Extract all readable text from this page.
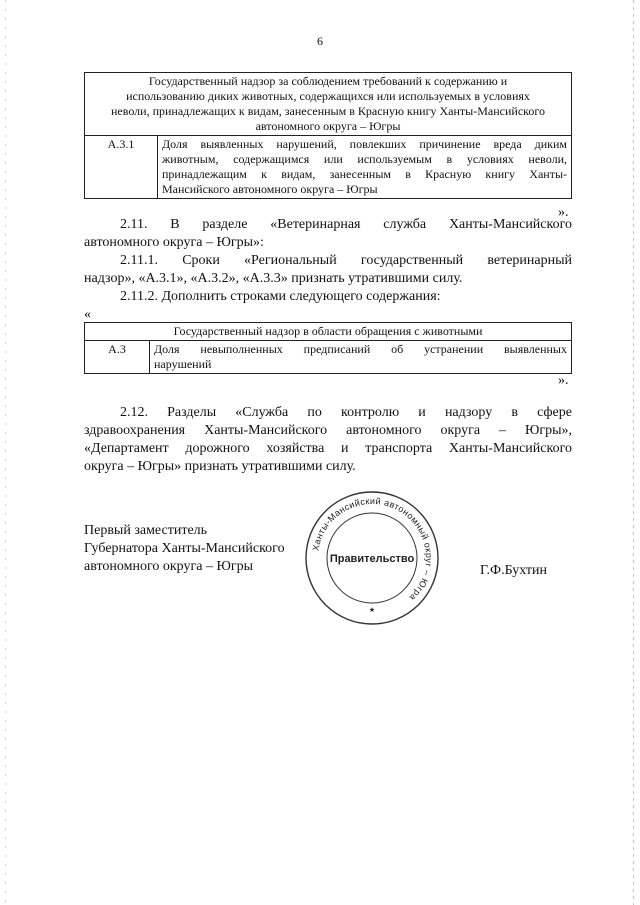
6
Государственный надзор за соблюдением требований к содержанию и
использованию диких животных, содержащихся или используемых в условиях
неволи, принадлежащих к видам, занесенным в Красную книгу Ханты-Мансийского
автономного округа – Югры

А.3.1	Доля выявленных нарушений, повлекших причинение вреда диким
животным, содержащимся или используемым в условиях неволи,
принадлежащим к видам, занесенным в Красную книгу Ханты-
Мансийского автономного округа – Югры
».
2.11. В разделе «Ветеринарная служба Ханты-Мансийского
автономного округа – Югры»:
2.11.1. Сроки «Региональный государственный ветеринарный
надзор», «А.3.1», «А.3.2», «А.3.3» признать утратившими силу.
2.11.2. Дополнить строками следующего содержания:
«
Государственный надзор в области обращения с животными
А.3	Доля невыполненных предписаний об устранении выявленных
нарушений
».
2.12. Разделы «Служба по контролю и надзору в сфере
здравоохранения Ханты-Мансийского автономного округа – Югры»,
«Департамент дорожного хозяйства и транспорта Ханты-Мансийского
округа – Югры» признать утратившими силу.
Первый заместитель
Губернатора Ханты-Мансийского
автономного округа – Югры
Ханты-Мансийский автономный округ – Югра
Правительство
★
Г.Ф.Бухтин
